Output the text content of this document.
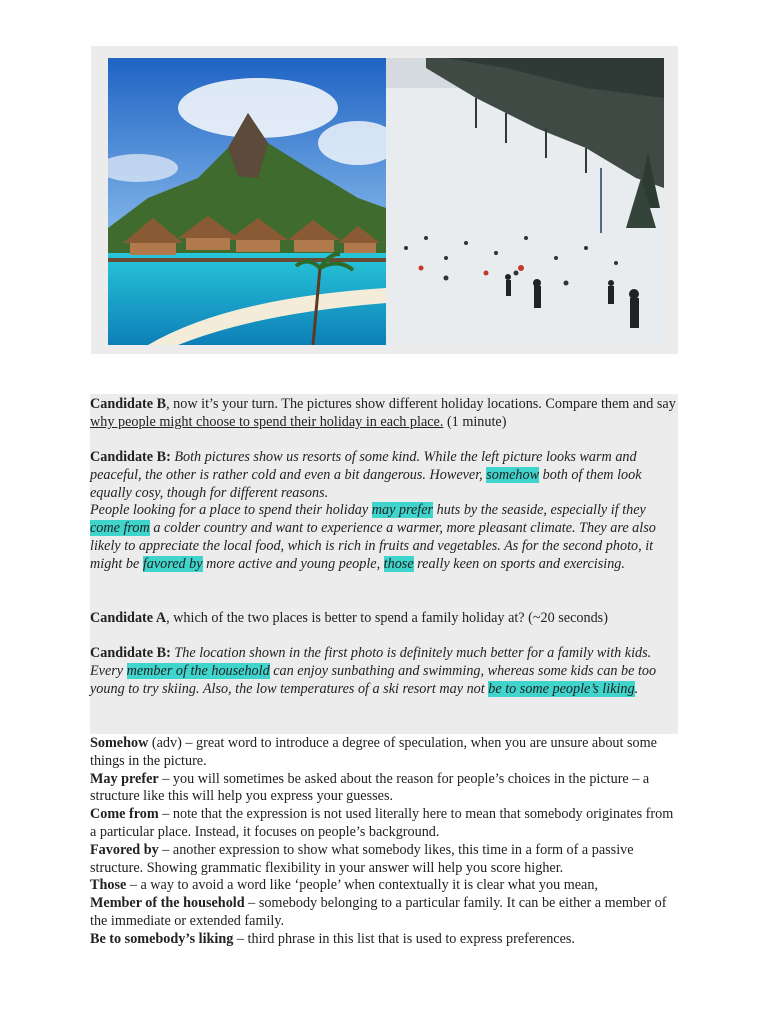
Candidate B, now it’s your turn. The pictures show different holiday locations. Compare them and say why people might choose to spend their holiday in each place. (1 minute)

Candidate B: Both pictures show us resorts of some kind. While the left picture looks warm and peaceful, the other is rather cold and even a bit dangerous. However, somehow both of them look equally cosy, though for different reasons.

People looking for a place to spend their holiday may prefer huts by the seaside, especially if they come from a colder country and want to experience a warmer, more pleasant climate. They are also likely to appreciate the local food, which is rich in fruits and vegetables. As for the second photo, it might be favored by more active and young people, those really keen on sports and exercising.

Candidate A, which of the two places is better to spend a family holiday at? (~20 seconds)

Candidate B: The location shown in the first photo is definitely much better for a family with kids. Every member of the household can enjoy sunbathing and swimming, whereas some kids can be too young to try skiing. Also, the low temperatures of a ski resort may not be to some people’s liking.

Somehow (adv) – great word to introduce a degree of speculation, when you are unsure about some things in the picture.

May prefer – you will sometimes be asked about the reason for people’s choices in the picture – a structure like this will help you express your guesses.

Come from – note that the expression is not used literally here to mean that somebody originates from a particular place. Instead, it focuses on people’s background.

Favored by – another expression to show what somebody likes, this time in a form of a passive structure. Showing grammatic flexibility in your answer will help you score higher.

Those – a way to avoid a word like ‘people’ when contextually it is clear what you mean,

Member of the household – somebody belonging to a particular family. It can be either a member of the immediate or extended family.

Be to somebody’s liking – third phrase in this list that is used to express preferences.
